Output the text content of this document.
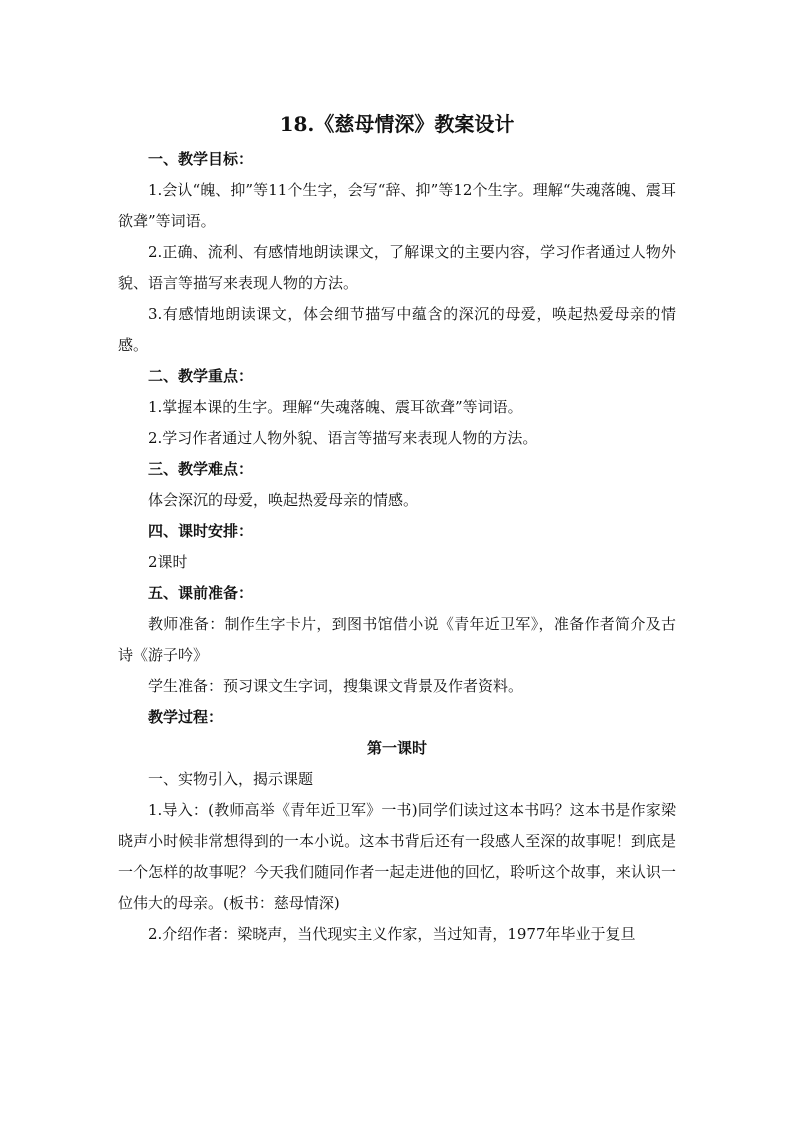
18.《慈母情深》教案设计

一、教学目标：

1.会认“魄、抑”等11个生字，会写“辞、抑”等12个生字。理解“失魂落魄、震耳欲聋”等词语。

2.正确、流利、有感情地朗读课文，了解课文的主要内容，学习作者通过人物外貌、语言等描写来表现人物的方法。

3.有感情地朗读课文，体会细节描写中蕴含的深沉的母爱，唤起热爱母亲的情感。

二、教学重点：

1.掌握本课的生字。理解“失魂落魄、震耳欲聋”等词语。

2.学习作者通过人物外貌、语言等描写来表现人物的方法。

三、教学难点：

体会深沉的母爱，唤起热爱母亲的情感。

四、课时安排：

2课时

五、课前准备：

教师准备：制作生字卡片，到图书馆借小说《青年近卫军》，准备作者简介及古诗《游子吟》

学生准备：预习课文生字词，搜集课文背景及作者资料。

教学过程：

第一课时

一、实物引入，揭示课题

1.导入：(教师高举《青年近卫军》一书)同学们读过这本书吗？这本书是作家梁晓声小时候非常想得到的一本小说。这本书背后还有一段感人至深的故事呢！到底是一个怎样的故事呢？今天我们随同作者一起走进他的回忆，聆听这个故事，来认识一位伟大的母亲。(板书：慈母情深)

2.介绍作者：梁晓声，当代现实主义作家，当过知青，1977年毕业于复旦
